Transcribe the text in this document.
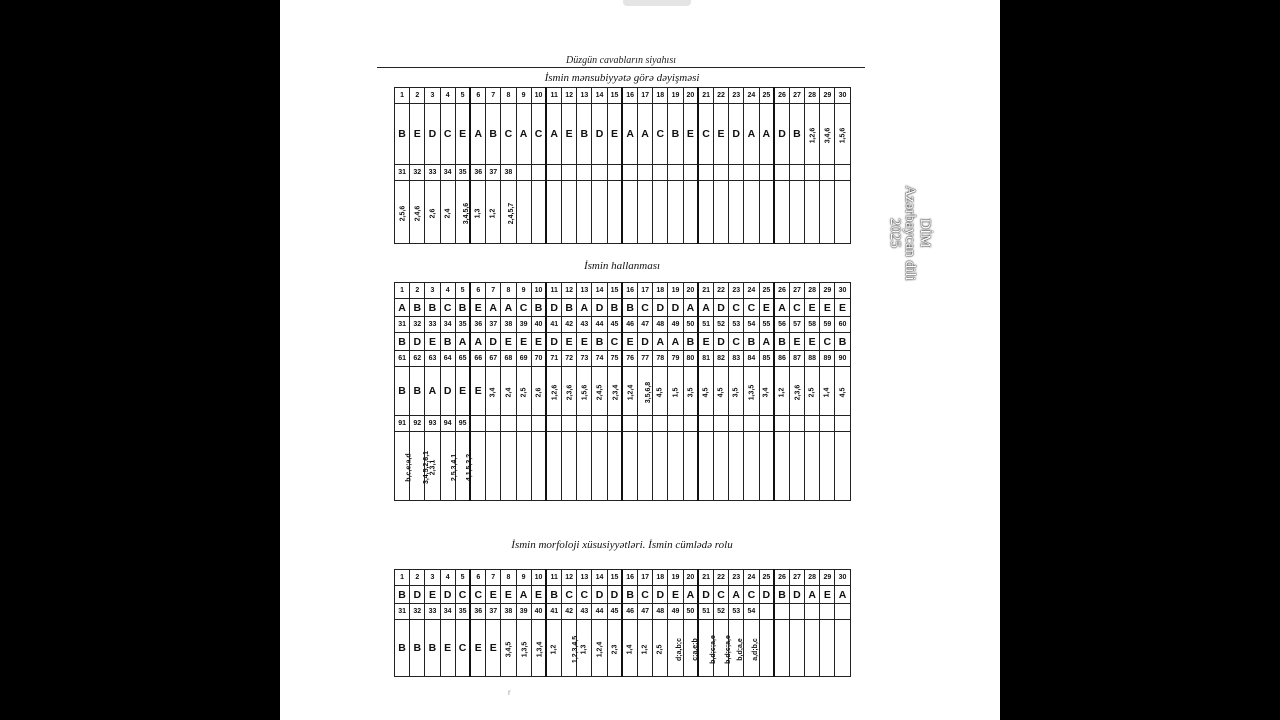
Düzgün cavabların siyahısı
İsmin mənsubiyyətə görə dəyişməsi
1	2	3	4	5	6	7	8	9	10	11	12	13	14	15	16	17	18	19	20	21	22	23	24	25	26	27	28	29	30
B	E	D	C	E	A	B	C	A	C	A	E	B	D	E	A	A	C	B	E	C	E	D	A	A	D	B	1,2,6	3,4,6	1,5,6
31	32	33	34	35	36	37	38																						
2,5,6	2,4,6	2,6	2,4	3,4,5,6	1,3	1,2	2,4,5,7																						
İsmin hallanması
1	2	3	4	5	6	7	8	9	10	11	12	13	14	15	16	17	18	19	20	21	22	23	24	25	26	27	28	29	30
A	B	B	C	B	E	A	A	C	B	D	B	A	D	B	B	C	D	D	A	A	D	C	C	E	A	C	E	E	E
31	32	33	34	35	36	37	38	39	40	41	42	43	44	45	46	47	48	49	50	51	52	53	54	55	56	57	58	59	60
B	D	E	B	A	A	D	E	E	E	D	E	E	B	C	E	D	A	A	B	E	D	C	B	A	B	E	E	C	B
61	62	63	64	65	66	67	68	69	70	71	72	73	74	75	76	77	78	79	80	81	82	83	84	85	86	87	88	89	90
B	B	A	D	E	E	3,4	2,4	2,5	2,6	1,2,6	2,3,6	1,5,6	2,4,5	2,3,4	1,2,4	3,5,6,8	4,5	1,5	3,5	4,5	4,5	3,5	1,3,5	3,4	1,2	2,3,6	2,5	1,4	4,5
91	92	93	94	95																									
b,c,e;a,d	3,4,5,2,6,1	2,3,1	2,5,3,4,1	4,1,5,3,2																									
İsmin morfoloji xüsusiyyətləri. İsmin cümlədə rolu
1	2	3	4	5	6	7	8	9	10	11	12	13	14	15	16	17	18	19	20	21	22	23	24	25	26	27	28	29	30
B	D	E	D	C	C	E	E	A	E	B	C	C	D	D	B	C	D	E	A	D	C	A	C	D	B	D	A	E	A
31	32	33	34	35	36	37	38	39	40	41	42	43	44	45	46	47	48	49	50	51	52	53	54						
B	B	B	E	C	E	E	3,4,5	1,3,5	1,3,4	1,2	1,2,3,4,5	1,3	1,2,4	2,3	1,4	1,2	2,5	d;a,b;c	c;a,e;b	b,d;c;a,e	b,d;c;a,e	b,d;a,e	a,d;b,c						
r
DİM
Azərbaycan dili
2025
